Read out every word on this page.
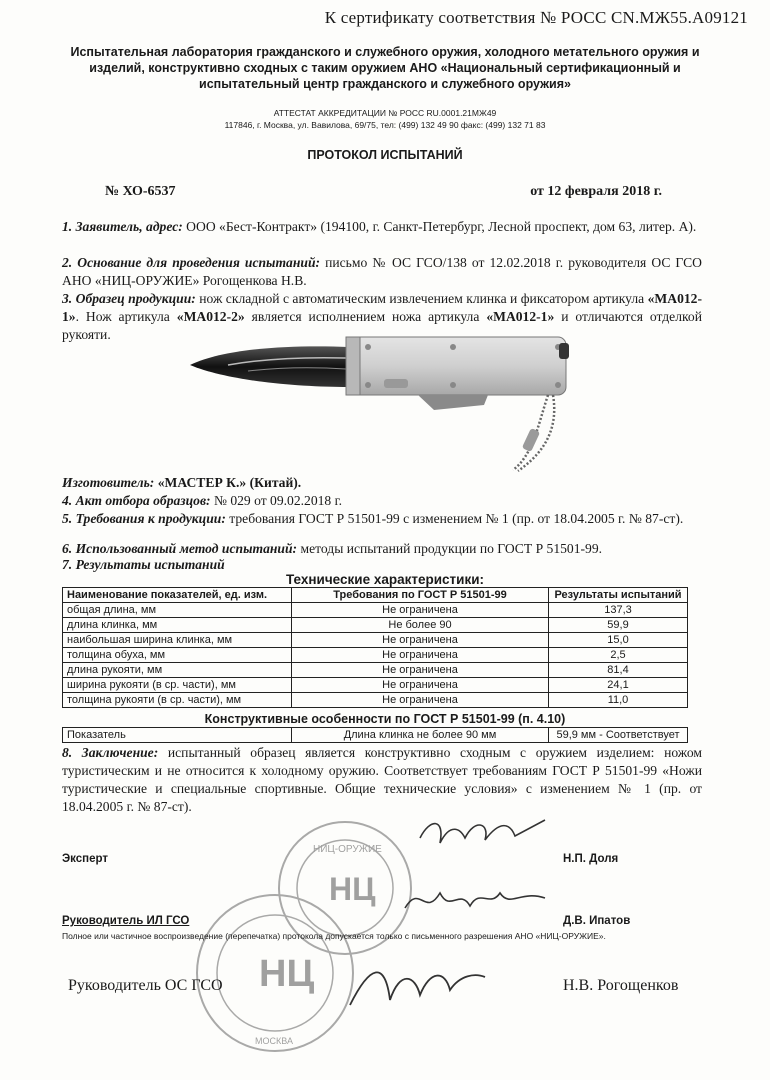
К сертификату соответствия № РОСС CN.МЖ55.А09121
Испытательная лаборатория гражданского и служебного оружия, холодного метательного оружия и изделий, конструктивно сходных с таким оружием АНО «Национальный сертификационный и испытательный центр гражданского и служебного оружия»
АТТЕСТАТ АККРЕДИТАЦИИ № РОСС RU.0001.21МЖ49
117846, г. Москва, ул. Вавилова, 69/75, тел: (499) 132 49 90 факс: (499) 132 71 83
ПРОТОКОЛ ИСПЫТАНИЙ
№ ХО-6537	от 12 февраля 2018 г.
1. Заявитель, адрес: ООО «Бест-Контракт» (194100, г. Санкт-Петербург, Лесной проспект, дом 63, литер. А).
2. Основание для проведения испытаний: письмо № ОС ГСО/138 от 12.02.2018 г. руководителя ОС ГСО АНО «НИЦ-ОРУЖИЕ» Рогощенкова Н.В.
3. Образец продукции: нож складной с автоматическим извлечением клинка и фиксатором артикула «МА012-1». Нож артикула «МА012-2» является исполнением ножа артикула «МА012-1» и отличаются отделкой рукояти.
Изготовитель: «МАСТЕР К.» (Китай).
4. Акт отбора образцов: № 029 от 09.02.2018 г.
5. Требования к продукции: требования ГОСТ Р 51501-99 с изменением № 1 (пр. от 18.04.2005 г. № 87-ст).
6. Использованный метод испытаний: методы испытаний продукции по ГОСТ Р 51501-99.
7. Результаты испытаний
Технические характеристики:
Наименование показателей, ед. изм.	Требования по ГОСТ Р 51501-99	Результаты испытаний
общая длина, мм	Не ограничена	137,3
длина клинка, мм	Не более 90	59,9
наибольшая ширина клинка, мм	Не ограничена	15,0
толщина обуха, мм	Не ограничена	2,5
длина рукояти, мм	Не ограничена	81,4
ширина рукояти (в ср. части), мм	Не ограничена	24,1
толщина рукояти (в ср. части), мм	Не ограничена	11,0
Конструктивные особенности по ГОСТ Р 51501-99 (п. 4.10)
Показатель	Длина клинка не более 90 мм	59,9 мм - Соответствует
8. Заключение: испытанный образец является конструктивно сходным с оружием изделием: ножом туристическим и не относится к холодному оружию. Соответствует требованиям ГОСТ Р 51501-99 «Ножи туристические и специальные спортивные. Общие технические условия» с изменением № 1 (пр. от 18.04.2005 г. № 87-ст).
НЦ
НЦ
НИЦ-ОРУЖИЕ
МОСКВА
Эксперт	Н.П. Доля
Руководитель ИЛ ГСО	Д.В. Ипатов
Полное или частичное воспроизведение (перепечатка) протокола допускается только с письменного разрешения АНО «НИЦ-ОРУЖИЕ».
Руководитель ОС ГСО	Н.В. Рогощенков
